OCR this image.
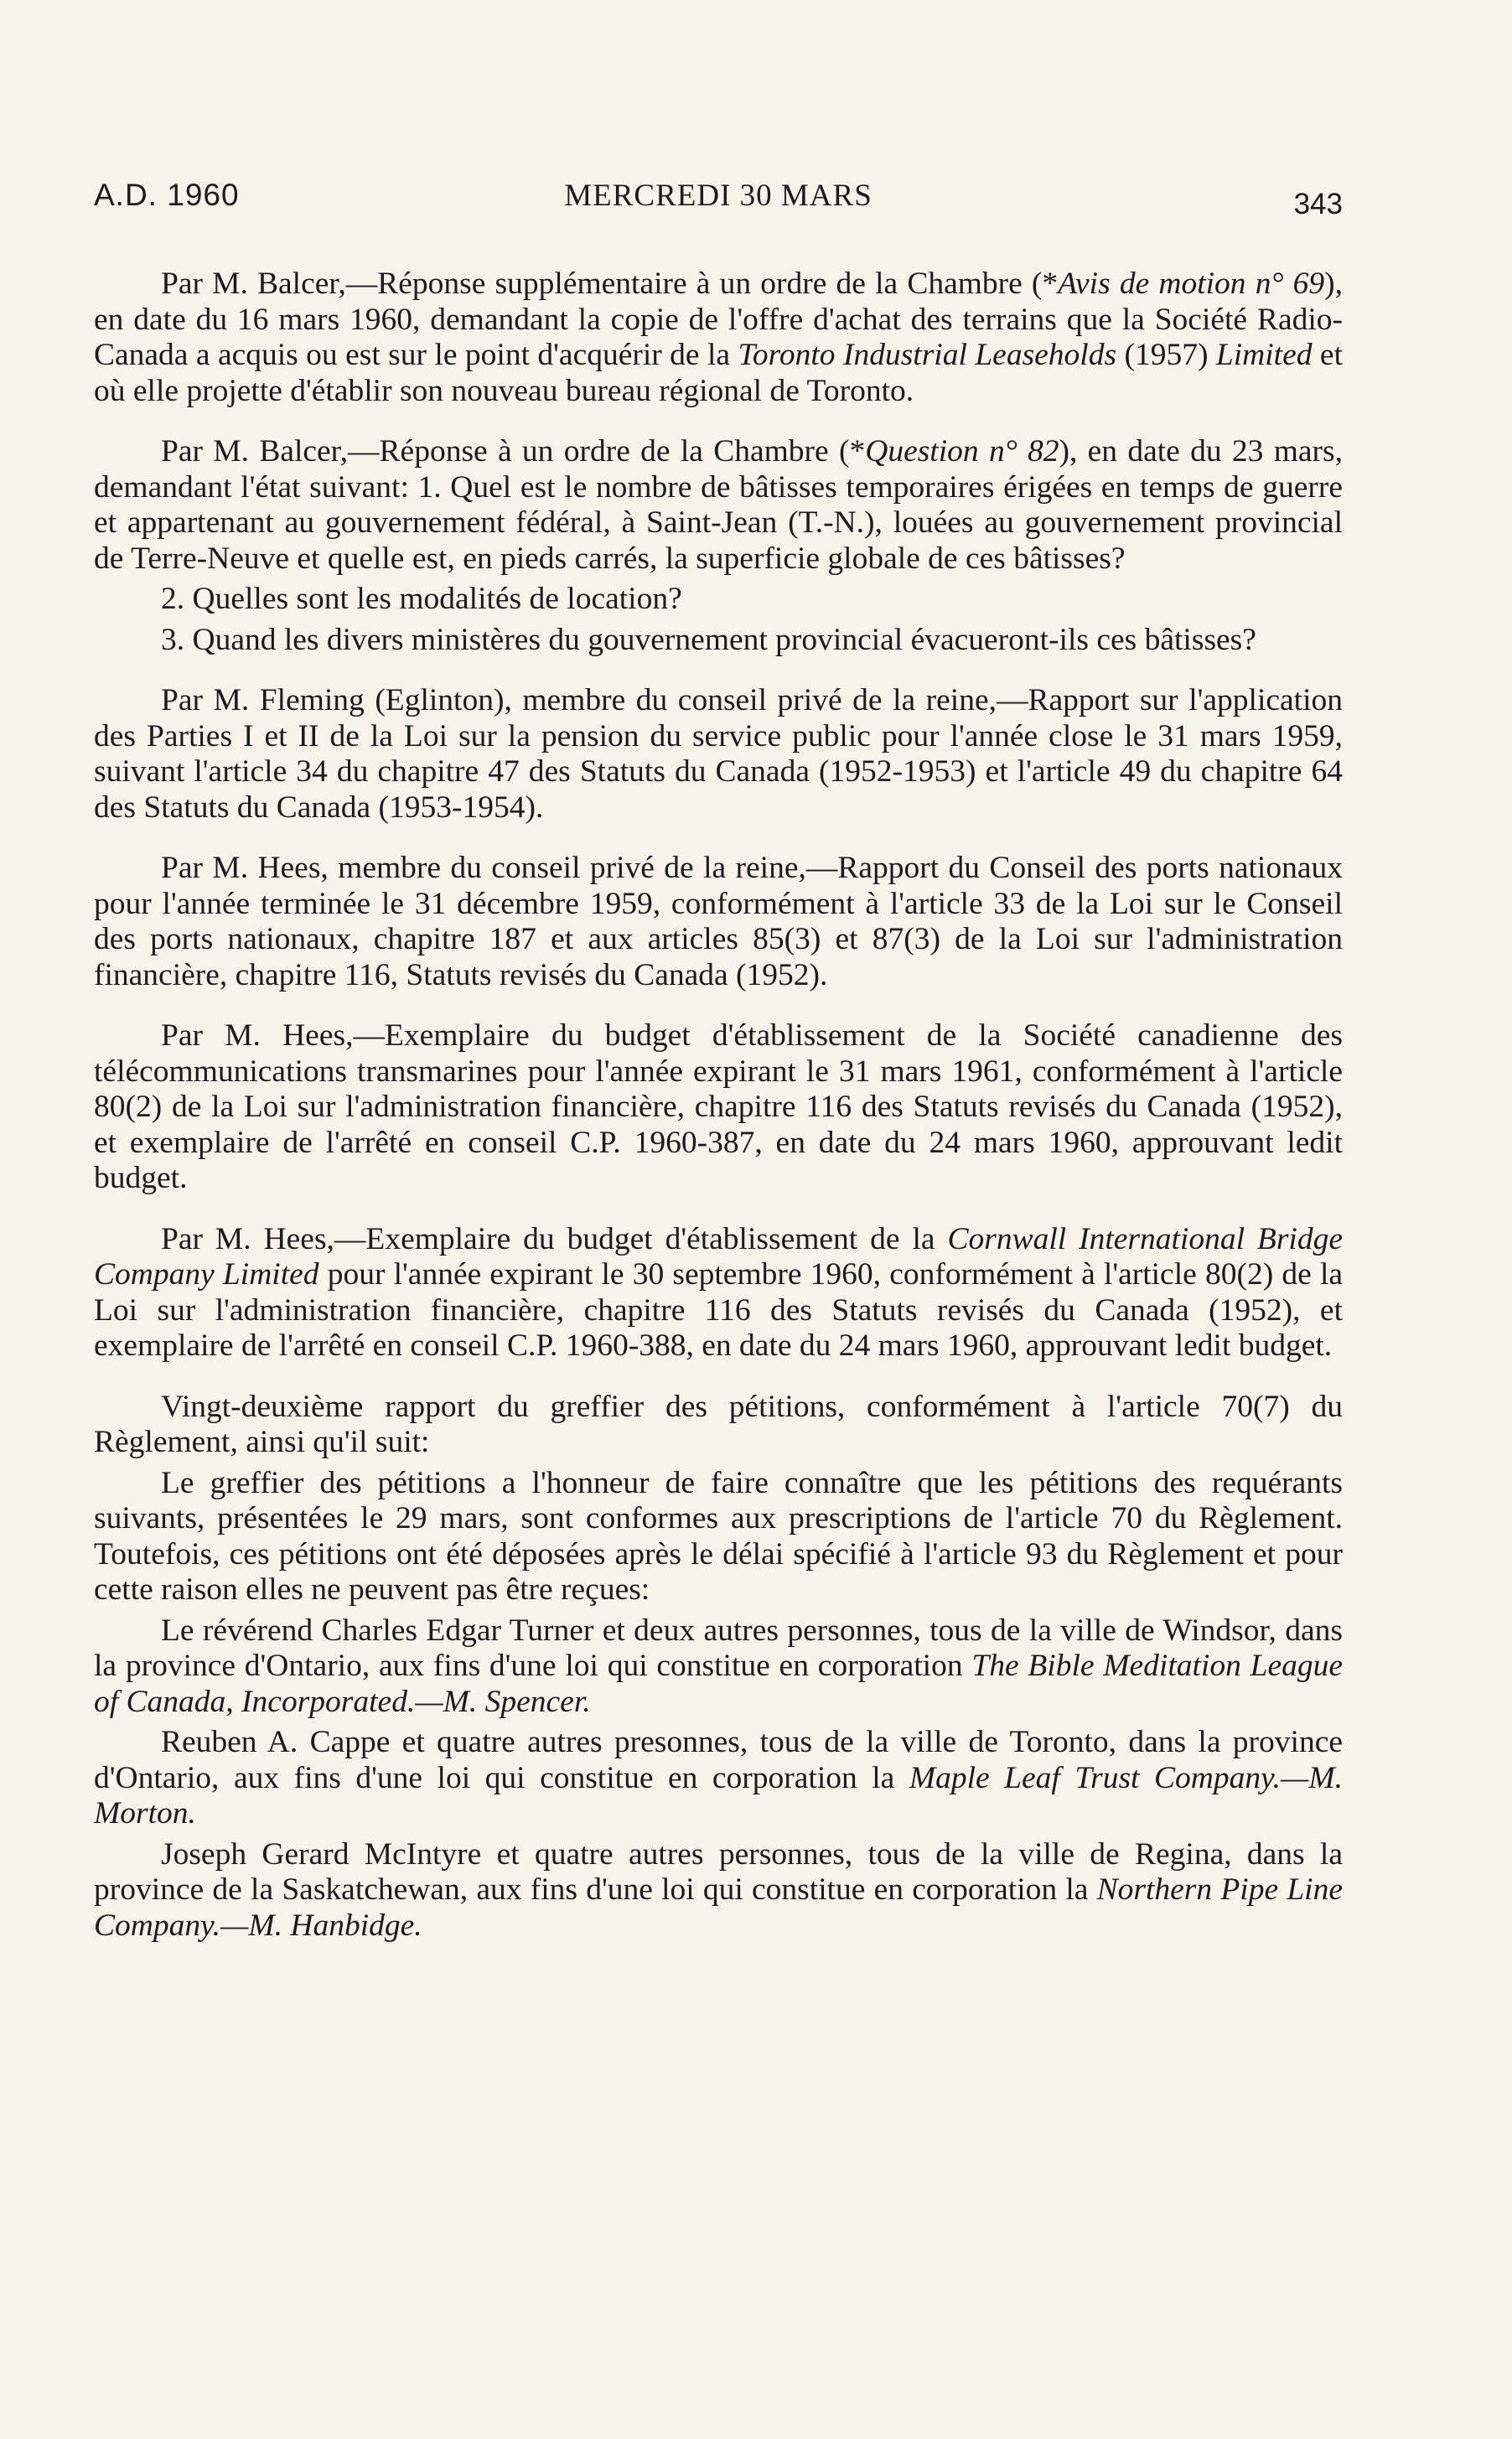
A.D. 1960	MERCREDI 30 MARS	343

Par M. Balcer,—Réponse supplémentaire à un ordre de la Chambre (*Avis de motion n° 69), en date du 16 mars 1960, demandant la copie de l'offre d'achat des terrains que la Société Radio-Canada a acquis ou est sur le point d'acquérir de la Toronto Industrial Leaseholds (1957) Limited et où elle projette d'établir son nouveau bureau régional de Toronto.

Par M. Balcer,—Réponse à un ordre de la Chambre (*Question n° 82), en date du 23 mars, demandant l'état suivant: 1. Quel est le nombre de bâtisses temporaires érigées en temps de guerre et appartenant au gouvernement fédéral, à Saint-Jean (T.-N.), louées au gouvernement provincial de Terre-Neuve et quelle est, en pieds carrés, la superficie globale de ces bâtisses?

2. Quelles sont les modalités de location?

3. Quand les divers ministères du gouvernement provincial évacueront-ils ces bâtisses?

Par M. Fleming (Eglinton), membre du conseil privé de la reine,—Rapport sur l'application des Parties I et II de la Loi sur la pension du service public pour l'année close le 31 mars 1959, suivant l'article 34 du chapitre 47 des Statuts du Canada (1952-1953) et l'article 49 du chapitre 64 des Statuts du Canada (1953-1954).

Par M. Hees, membre du conseil privé de la reine,—Rapport du Conseil des ports nationaux pour l'année terminée le 31 décembre 1959, conformément à l'article 33 de la Loi sur le Conseil des ports nationaux, chapitre 187 et aux articles 85(3) et 87(3) de la Loi sur l'administration financière, chapitre 116, Statuts revisés du Canada (1952).

Par M. Hees,—Exemplaire du budget d'établissement de la Société canadienne des télécommunications transmarines pour l'année expirant le 31 mars 1961, conformément à l'article 80(2) de la Loi sur l'administration financière, chapitre 116 des Statuts revisés du Canada (1952), et exemplaire de l'arrêté en conseil C.P. 1960-387, en date du 24 mars 1960, approuvant ledit budget.

Par M. Hees,—Exemplaire du budget d'établissement de la Cornwall International Bridge Company Limited pour l'année expirant le 30 septembre 1960, conformément à l'article 80(2) de la Loi sur l'administration financière, chapitre 116 des Statuts revisés du Canada (1952), et exemplaire de l'arrêté en conseil C.P. 1960-388, en date du 24 mars 1960, approuvant ledit budget.

Vingt-deuxième rapport du greffier des pétitions, conformément à l'article 70(7) du Règlement, ainsi qu'il suit:

Le greffier des pétitions a l'honneur de faire connaître que les pétitions des requérants suivants, présentées le 29 mars, sont conformes aux prescriptions de l'article 70 du Règlement. Toutefois, ces pétitions ont été déposées après le délai spécifié à l'article 93 du Règlement et pour cette raison elles ne peuvent pas être reçues:

Le révérend Charles Edgar Turner et deux autres personnes, tous de la ville de Windsor, dans la province d'Ontario, aux fins d'une loi qui constitue en corporation The Bible Meditation League of Canada, Incorporated.—M. Spencer.

Reuben A. Cappe et quatre autres presonnes, tous de la ville de Toronto, dans la province d'Ontario, aux fins d'une loi qui constitue en corporation la Maple Leaf Trust Company.—M. Morton.

Joseph Gerard McIntyre et quatre autres personnes, tous de la ville de Regina, dans la province de la Saskatchewan, aux fins d'une loi qui constitue en corporation la Northern Pipe Line Company.—M. Hanbidge.
